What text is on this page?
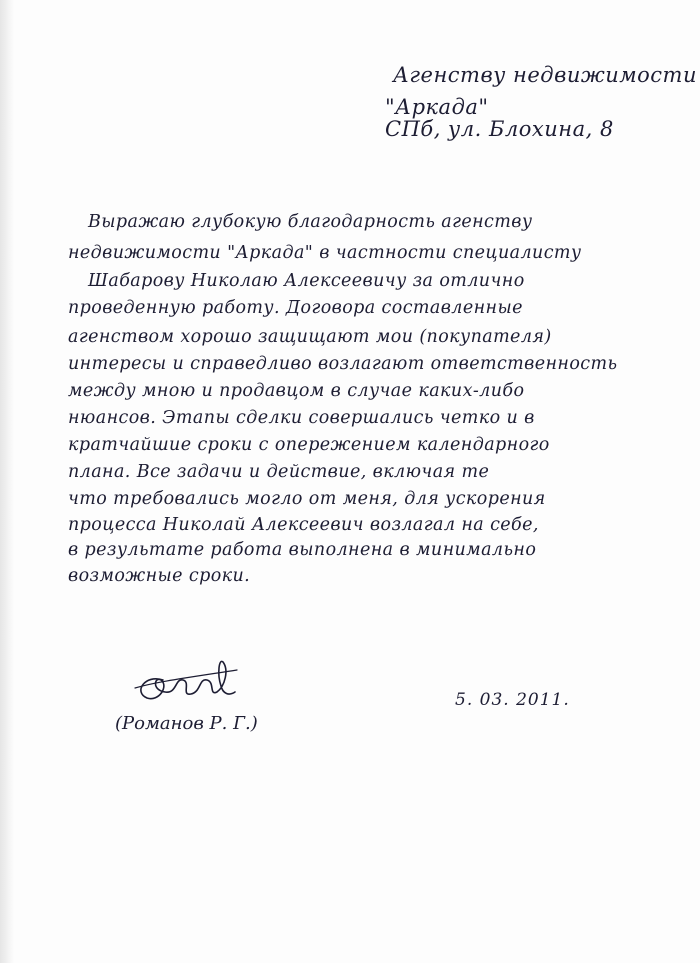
Агенству недвижимости
"Аркада"
СПб, ул. Блохина, 8
Выражаю глубокую благодарность агенству
недвижимости "Аркада" в частности специалисту
Шабарову Николаю Алексеевичу за отлично
проведенную работу. Договора составленные
агенством хорошо защищают мои (покупателя)
интересы и справедливо возлагают ответственность
между мною и продавцом в случае каких-либо
нюансов. Этапы сделки совершались четко и в
кратчайшие сроки с опережением календарного
плана. Все задачи и действие, включая те
что требовались могло от меня, для ускорения
процесса Николай Алексеевич возлагал на себе,
в результате работа выполнена в минимально
возможные сроки.
(Романов Р. Г.)
5. 03. 2011.
